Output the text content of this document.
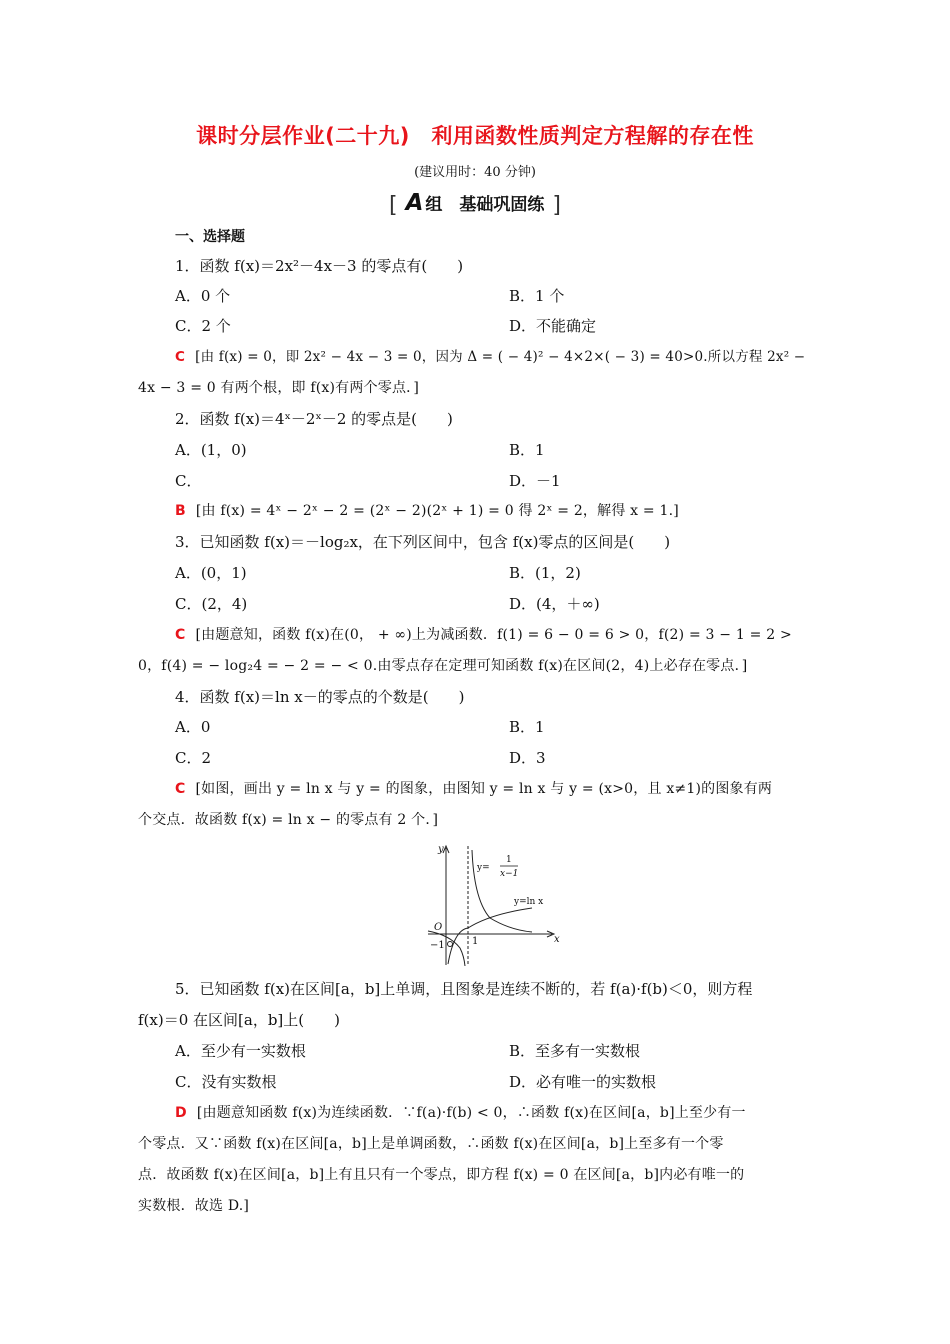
课时分层作业(二十九)　利用函数性质判定方程解的存在性
(建议用时：40 分钟)
[ A 组　基础巩固练 ]
一、选择题
1．函数 f(x)＝2x²－4x－3 的零点有(　　)
A．0 个	B．1 个
C．2 个	D．不能确定
C [由 f(x) = 0，即 2x² − 4x − 3 = 0，因为 Δ = ( − 4)² − 4×2×( − 3) = 40>0.所以方程 2x² −
4x − 3 = 0 有两个根，即 f(x)有两个零点．]
2．函数 f(x)＝4ˣ－2ˣ－2 的零点是(　　)
A．(1，0)	B．1
C．	D．－1
B [由 f(x) = 4ˣ − 2ˣ − 2 = (2ˣ − 2)(2ˣ + 1) = 0 得 2ˣ = 2，解得 x = 1.]
3．已知函数 f(x)＝－log₂x，在下列区间中，包含 f(x)零点的区间是(　　)
A．(0，1)	B．(1，2)
C．(2，4)	D．(4，＋∞)
C [由题意知，函数 f(x)在(0， + ∞)上为减函数．f(1) = 6 − 0 = 6 > 0，f(2) = 3 − 1 = 2 >
0，f(4) = − log₂4 = − 2 = − < 0.由零点存在定理可知函数 f(x)在区间(2，4)上必存在零点．]
4．函数 f(x)＝ln x－的零点的个数是(　　)
A．0	B．1
C．2	D．3
C [如图，画出 y = ln x 与 y = 的图象，由图知 y = ln x 与 y = (x>0，且 x≠1)的图象有两
个交点．故函数 f(x) = ln x − 的零点有 2 个．]
y
x
O
−1	1
y=
1
x−1
y=ln x
5．已知函数 f(x)在区间[a，b]上单调，且图象是连续不断的，若 f(a)·f(b)＜0，则方程
f(x)＝0 在区间[a，b]上(　　)
A．至少有一实数根	B．至多有一实数根
C．没有实数根	D．必有唯一的实数根
D [由题意知函数 f(x)为连续函数．∵f(a)·f(b) < 0，∴函数 f(x)在区间[a，b]上至少有一
个零点．又∵函数 f(x)在区间[a，b]上是单调函数，∴函数 f(x)在区间[a，b]上至多有一个零
点．故函数 f(x)在区间[a，b]上有且只有一个零点，即方程 f(x) = 0 在区间[a，b]内必有唯一的
实数根．故选 D.]
